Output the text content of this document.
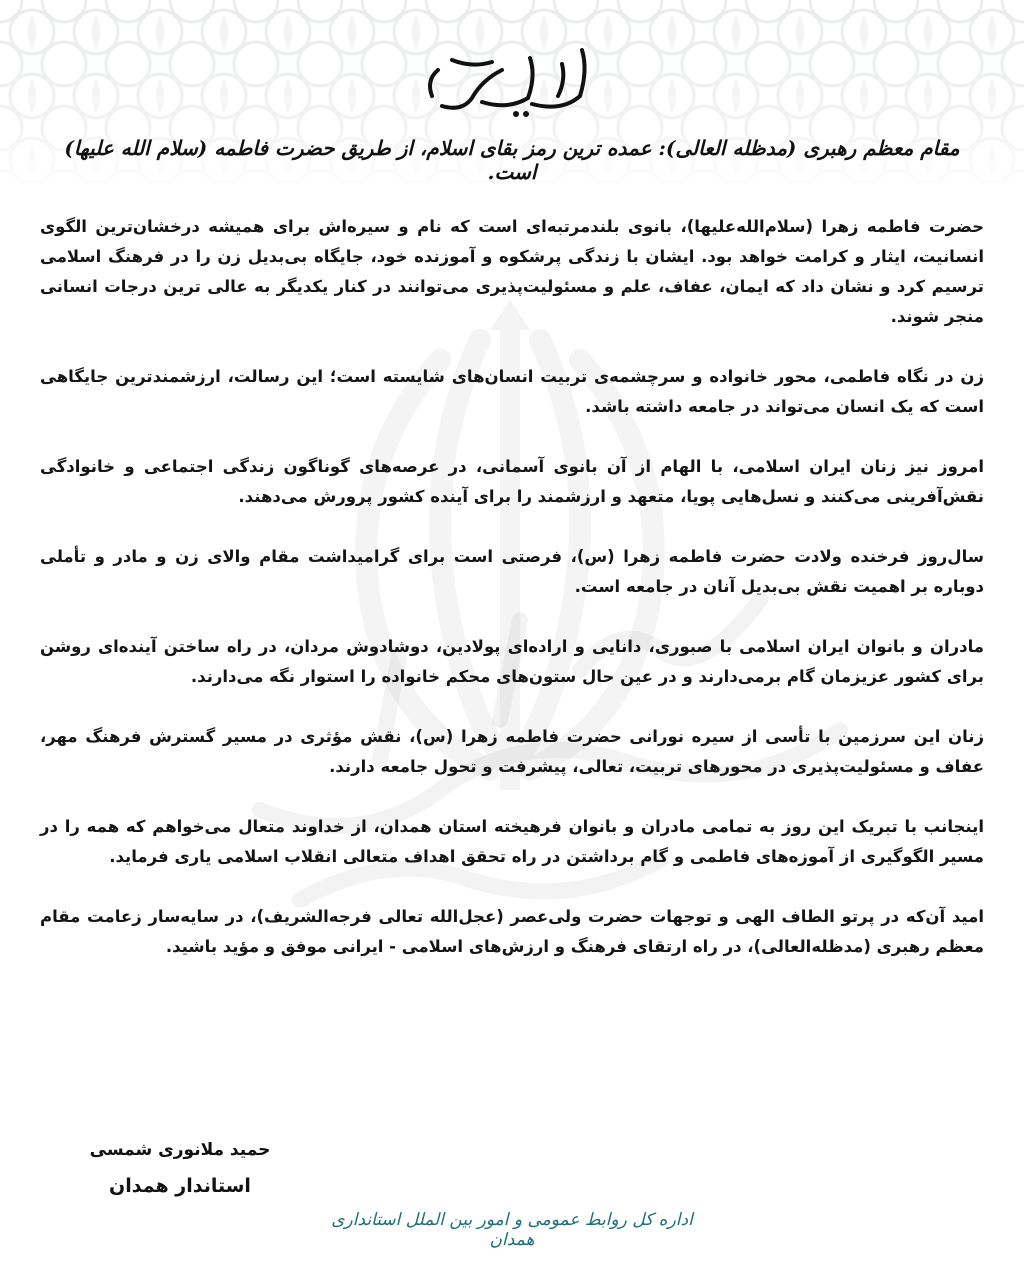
مقام معظم رهبری (مدظله العالی): عمده ترین رمز بقای اسلام، از طریق حضرت فاطمه (سلام الله علیها) است.

حضرت فاطمه زهرا (سلام‌الله‌علیها)، بانوی بلندمرتبه‌ای است که نام و سیره‌اش برای همیشه درخشان‌ترین الگوی انسانیت، ایثار و کرامت خواهد بود. ایشان با زندگی پرشکوه و آموزنده خود، جایگاه بی‌بدیل زن را در فرهنگ اسلامی ترسیم کرد و نشان داد که ایمان، عفاف، علم و مسئولیت‌پذیری می‌توانند در کنار یکدیگر به عالی ترین درجات انسانی منجر شوند.

زن در نگاه فاطمی، محور خانواده و سرچشمه‌ی تربیت انسان‌های شایسته است؛ این رسالت، ارزشمندترین جایگاهی است که یک انسان می‌تواند در جامعه داشته باشد.

امروز نیز زنان ایران اسلامی، با الهام از آن بانوی آسمانی، در عرصه‌های گوناگون زندگی اجتماعی و خانوادگی نقش‌آفرینی می‌کنند و نسل‌هایی پویا، متعهد و ارزشمند را برای آینده کشور پرورش می‌دهند.

سال‌روز فرخنده ولادت حضرت فاطمه زهرا (س)، فرصتی است برای گرامیداشت مقام والای زن و مادر و تأملی دوباره بر اهمیت نقش بی‌بدیل آنان در جامعه است.

مادران و بانوان ایران اسلامی با صبوری، دانایی و اراده‌ای پولادین، دوشادوش مردان، در راه ساختن آینده‌ای روشن برای کشور عزیزمان گام برمی‌دارند و در عین حال ستون‌های محکم خانواده را استوار نگه می‌دارند.

زنان این سرزمین با تأسی از سیره نورانی حضرت فاطمه زهرا (س)، نقش مؤثری در مسیر گسترش فرهنگ مهر، عفاف و مسئولیت‌پذیری در محورهای تربیت، تعالی، پیشرفت و تحول جامعه دارند.

اینجانب با تبریک این روز به تمامی مادران و بانوان فرهیخته استان همدان، از خداوند متعال می‌خواهم که همه را در مسیر الگوگیری از آموزه‌های فاطمی و گام برداشتن در راه تحقق اهداف متعالی انقلاب اسلامی یاری فرماید.

امید آن‌که در پرتو الطاف الهی و توجهات حضرت ولی‌عصر (عجل‌الله تعالی فرجه‌الشریف)، در سایه‌سار زعامت مقام معظم رهبری (مدظله‌العالی)، در راه ارتقای فرهنگ و ارزش‌های اسلامی - ایرانی موفق و مؤید باشید.

حمید ملانوری شمسی
استاندار همدان
اداره کل روابط عمومی و امور بین الملل استانداری همدان
